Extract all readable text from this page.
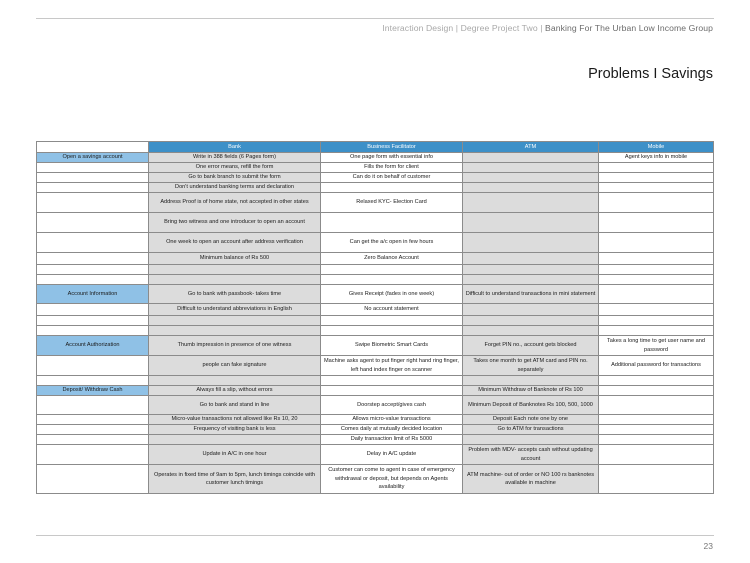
Interaction Design | Degree Project Two | Banking For The Urban Low Income Group
Problems I Savings
	Bank	Business Facilitator	ATM	Mobile
Open a savings account	Write in 388 fields (6 Pages form)	One page form with essential info		Agent keys info in mobile
	One error means, refill the form	Fills the form for client		
	Go to bank branch to submit the form	Can do it on behalf of customer		
	Don't understand banking terms and declaration			
	Address Proof is of home state, not accepted in other states	Relaxed KYC- Election Card		
	Bring two witness and one introducer to open an account			
	One week to open an account after address verification	Can get the a/c open in few hours		
	Minimum balance of Rs 500	Zero Balance Account		

Account Information	Go to bank with passbook- takes time	Gives Receipt (fades in one week)	Difficult to understand transactions in mini statement	
	Difficult to understand abbreviations in English	No account statement		

Account Authorization	Thumb impression in presence of one witness	Swipe Biometric Smart Cards	Forget PIN no., account gets blocked	Takes a long time to get user name and password
	people can fake signature	Machine asks agent to put finger right hand ring finger, left hand index finger on scanner	Takes one month to get ATM card and PIN no. separately	Additional password for transactions

Deposit/ Withdraw Cash	Always fill a slip, without errors		Minimum Withdraw of Banknote of Rs 100	
	Go to bank and stand in line	Doorstep accept/gives cash	Minimum Deposit of Banknotes Rs 100, 500, 1000	
	Micro-value transactions not allowed like Rs 10, 20	Allows micro-value transactions	Deposit Each note one by one	
	Frequency of visiting bank is less	Comes daily at mutually decided location	Go to ATM for transactions	
		Daily transaction limit of Rs 5000		
	Update in A/C in one hour	Delay in A/C update	Problem with MDV- accepts cash without updating account	
	Operates in fixed time of 9am to 5pm, lunch timings coincide with customer lunch timings	Customer can come to agent in case of emergency withdrawal or deposit, but depends on Agents availability	ATM machine- out of order or NO 100 rs banknotes available in machine	
23
